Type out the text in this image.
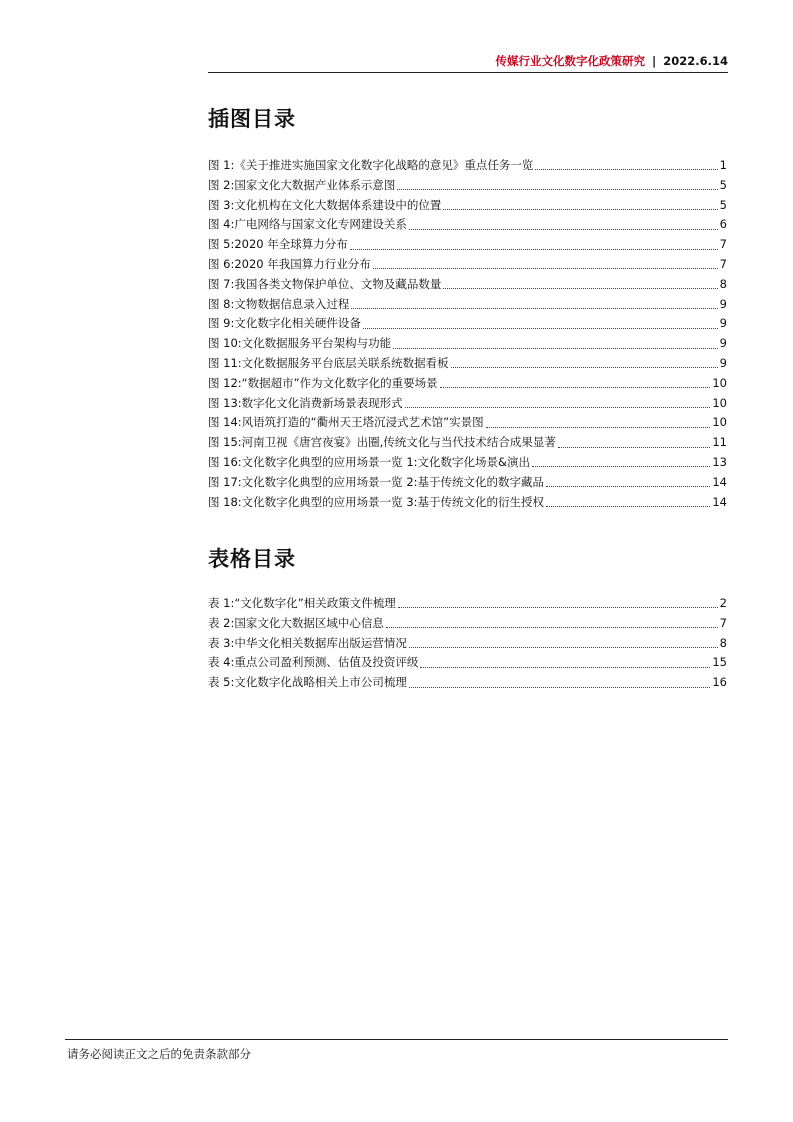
传媒行业文化数字化政策研究 | 2022.6.14
插图目录
图 1:《关于推进实施国家文化数字化战略的意见》重点任务一览	1
图 2:国家文化大数据产业体系示意图	5
图 3:文化机构在文化大数据体系建设中的位置	5
图 4:广电网络与国家文化专网建设关系	6
图 5:2020 年全球算力分布	7
图 6:2020 年我国算力行业分布	7
图 7:我国各类文物保护单位、文物及藏品数量	8
图 8:文物数据信息录入过程	9
图 9:文化数字化相关硬件设备	9
图 10:文化数据服务平台架构与功能	9
图 11:文化数据服务平台底层关联系统数据看板	9
图 12:“数据超市”作为文化数字化的重要场景	10
图 13:数字化文化消费新场景表现形式	10
图 14:风语筑打造的“衢州天王塔沉浸式艺术馆”实景图	10
图 15:河南卫视《唐宫夜宴》出圈,传统文化与当代技术结合成果显著	11
图 16:文化数字化典型的应用场景一览 1:文化数字化场景&演出	13
图 17:文化数字化典型的应用场景一览 2:基于传统文化的数字藏品	14
图 18:文化数字化典型的应用场景一览 3:基于传统文化的衍生授权	14
表格目录
表 1:“文化数字化”相关政策文件梳理	2
表 2:国家文化大数据区域中心信息	7
表 3:中华文化相关数据库出版运营情况	8
表 4:重点公司盈利预测、估值及投资评级	15
表 5:文化数字化战略相关上市公司梳理	16
请务必阅读正文之后的免责条款部分
